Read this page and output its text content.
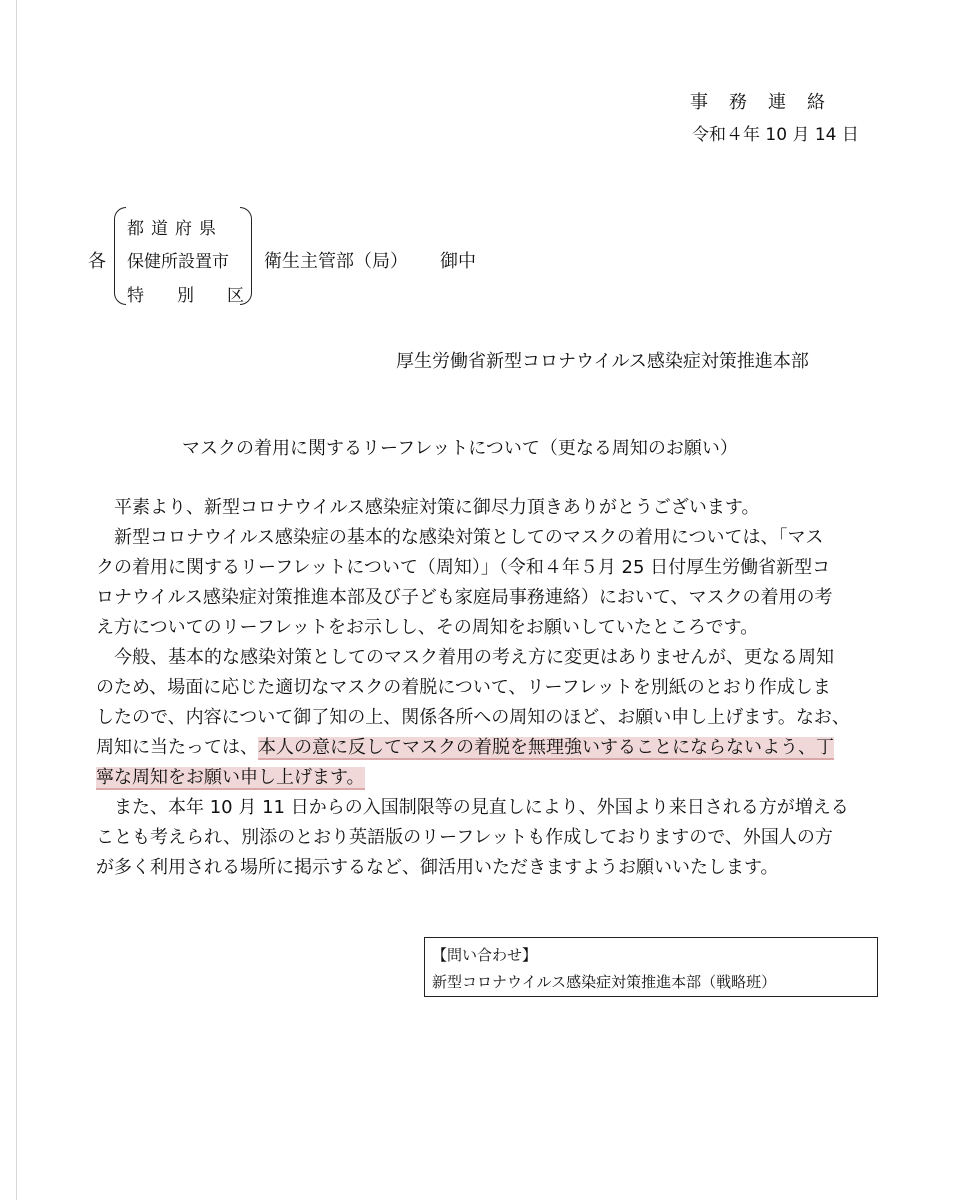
事務連絡
令和４年 10 月 14 日
各
都道府県
保健所設置市
特別区
衛生主管部（局） 御中
厚生労働省新型コロナウイルス感染症対策推進本部
マスクの着用に関するリーフレットについて（更なる周知のお願い）
　平素より、新型コロナウイルス感染症対策に御尽力頂きありがとうございます。
　新型コロナウイルス感染症の基本的な感染対策としてのマスクの着用については、「マス
クの着用に関するリーフレットについて（周知）」（令和４年５月 25 日付厚生労働省新型コ
ロナウイルス感染症対策推進本部及び子ども家庭局事務連絡）において、マスクの着用の考
え方についてのリーフレットをお示しし、その周知をお願いしていたところです。
　今般、基本的な感染対策としてのマスク着用の考え方に変更はありませんが、更なる周知
のため、場面に応じた適切なマスクの着脱について、リーフレットを別紙のとおり作成しま
したので、内容について御了知の上、関係各所への周知のほど、お願い申し上げます。なお、
周知に当たっては、本人の意に反してマスクの着脱を無理強いすることにならないよう、丁
寧な周知をお願い申し上げます。
　また、本年 10 月 11 日からの入国制限等の見直しにより、外国より来日される方が増える
ことも考えられ、別添のとおり英語版のリーフレットも作成しておりますので、外国人の方
が多く利用される場所に掲示するなど、御活用いただきますようお願いいたします。
【問い合わせ】
新型コロナウイルス感染症対策推進本部（戦略班）
